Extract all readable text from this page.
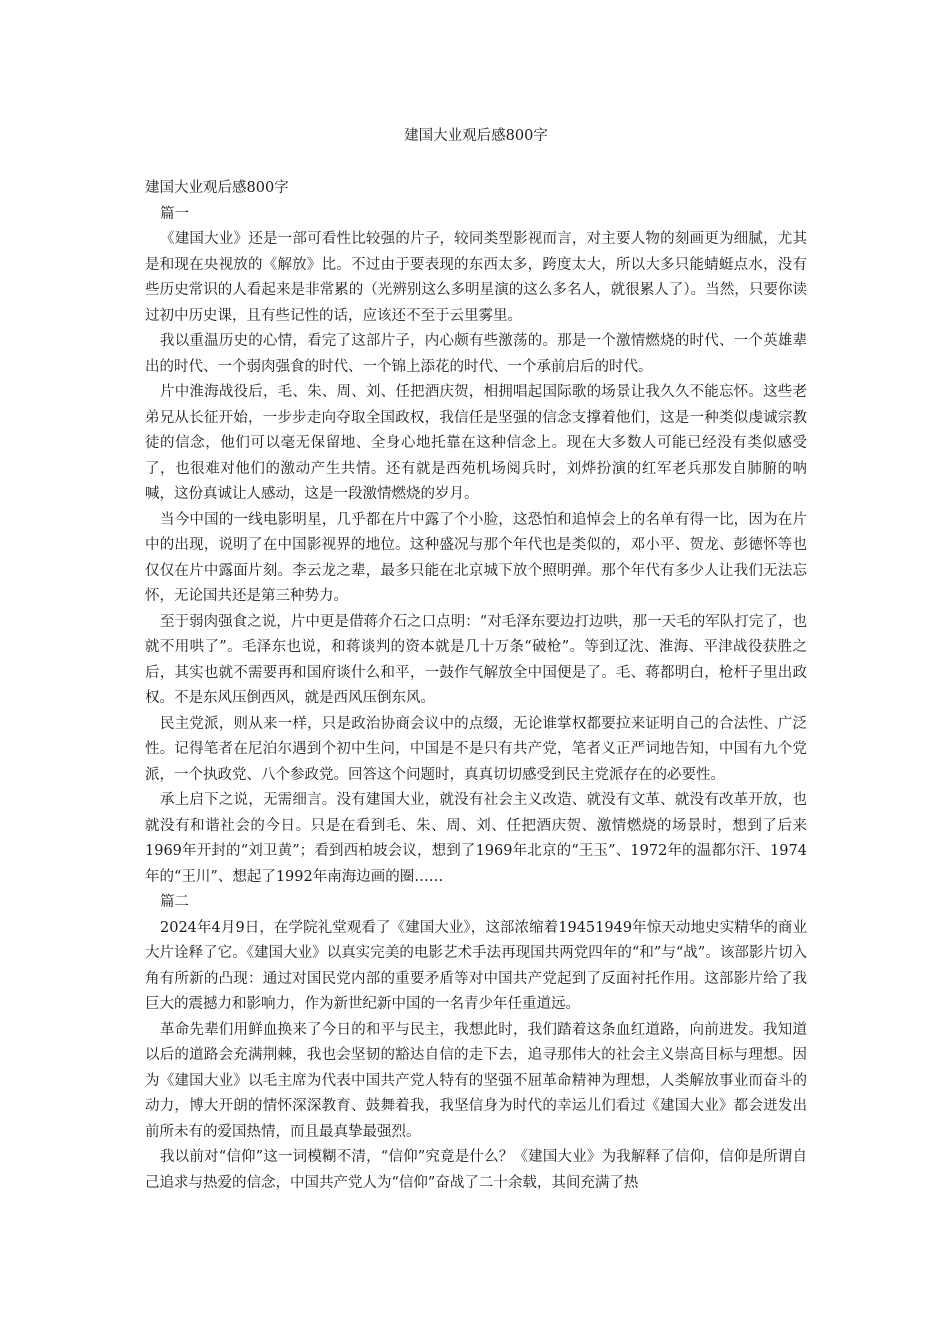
建国大业观后感800字

建国大业观后感800字

篇一

《建国大业》还是一部可看性比较强的片子，较同类型影视而言，对主要人物的刻画更为细腻，尤其是和现在央视放的《解放》比。不过由于要表现的东西太多，跨度太大，所以大多只能蜻蜓点水，没有些历史常识的人看起来是非常累的（光辨别这么多明星演的这么多名人，就很累人了）。当然，只要你读过初中历史课，且有些记性的话，应该还不至于云里雾里。

我以重温历史的心情，看完了这部片子，内心颇有些激荡的。那是一个激情燃烧的时代、一个英雄辈出的时代、一个弱肉强食的时代、一个锦上添花的时代、一个承前启后的时代。

片中淮海战役后，毛、朱、周、刘、任把酒庆贺，相拥唱起国际歌的场景让我久久不能忘怀。这些老弟兄从长征开始，一步步走向夺取全国政权，我信任是坚强的信念支撑着他们，这是一种类似虔诚宗教徒的信念，他们可以毫无保留地、全身心地托靠在这种信念上。现在大多数人可能已经没有类似感受了，也很难对他们的激动产生共情。还有就是西苑机场阅兵时，刘烨扮演的红军老兵那发自肺腑的呐喊，这份真诚让人感动，这是一段激情燃烧的岁月。

当今中国的一线电影明星，几乎都在片中露了个小脸，这恐怕和追悼会上的名单有得一比，因为在片中的出现，说明了在中国影视界的地位。这种盛况与那个年代也是类似的，邓小平、贺龙、彭德怀等也仅仅在片中露面片刻。李云龙之辈，最多只能在北京城下放个照明弹。那个年代有多少人让我们无法忘怀，无论国共还是第三种势力。

至于弱肉强食之说，片中更是借蒋介石之口点明：“对毛泽东要边打边哄，那一天毛的军队打完了，也就不用哄了”。毛泽东也说，和蒋谈判的资本就是几十万条“破枪”。等到辽沈、淮海、平津战役获胜之后，其实也就不需要再和国府谈什么和平，一鼓作气解放全中国便是了。毛、蒋都明白，枪杆子里出政权。不是东风压倒西风，就是西风压倒东风。

民主党派，则从来一样，只是政治协商会议中的点缀，无论谁掌权都要拉来证明自己的合法性、广泛性。记得笔者在尼泊尔遇到个初中生问，中国是不是只有共产党，笔者义正严词地告知，中国有九个党派，一个执政党、八个参政党。回答这个问题时，真真切切感受到民主党派存在的必要性。

承上启下之说，无需细言。没有建国大业，就没有社会主义改造、就没有文革、就没有改革开放，也就没有和谐社会的今日。只是在看到毛、朱、周、刘、任把酒庆贺、激情燃烧的场景时，想到了后来1969年开封的“刘卫黄”；看到西柏坡会议，想到了1969年北京的“王玉”、1972年的温都尔汗、1974年的“王川”、想起了1992年南海边画的圈……

篇二

2024年4月9日，在学院礼堂观看了《建国大业》，这部浓缩着19451949年惊天动地史实精华的商业大片诠释了它。《建国大业》以真实完美的电影艺术手法再现国共两党四年的“和”与“战”。该部影片切入角有所新的凸现：通过对国民党内部的重要矛盾等对中国共产党起到了反面衬托作用。这部影片给了我巨大的震撼力和影响力，作为新世纪新中国的一名青少年任重道远。

革命先辈们用鲜血换来了今日的和平与民主，我想此时，我们踏着这条血红道路，向前进发。我知道以后的道路会充满荆棘，我也会坚韧的豁达自信的走下去，追寻那伟大的社会主义崇高目标与理想。因为《建国大业》以毛主席为代表中国共产党人特有的坚强不屈革命精神为理想，人类解放事业而奋斗的动力，博大开朗的情怀深深教育、鼓舞着我，我坚信身为时代的幸运儿们看过《建国大业》都会迸发出前所未有的爱国热情，而且最真挚最强烈。

我以前对“信仰”这一词模糊不清，“信仰”究竟是什么？《建国大业》为我解释了信仰，信仰是所谓自己追求与热爱的信念，中国共产党人为“信仰”奋战了二十余载，其间充满了热
